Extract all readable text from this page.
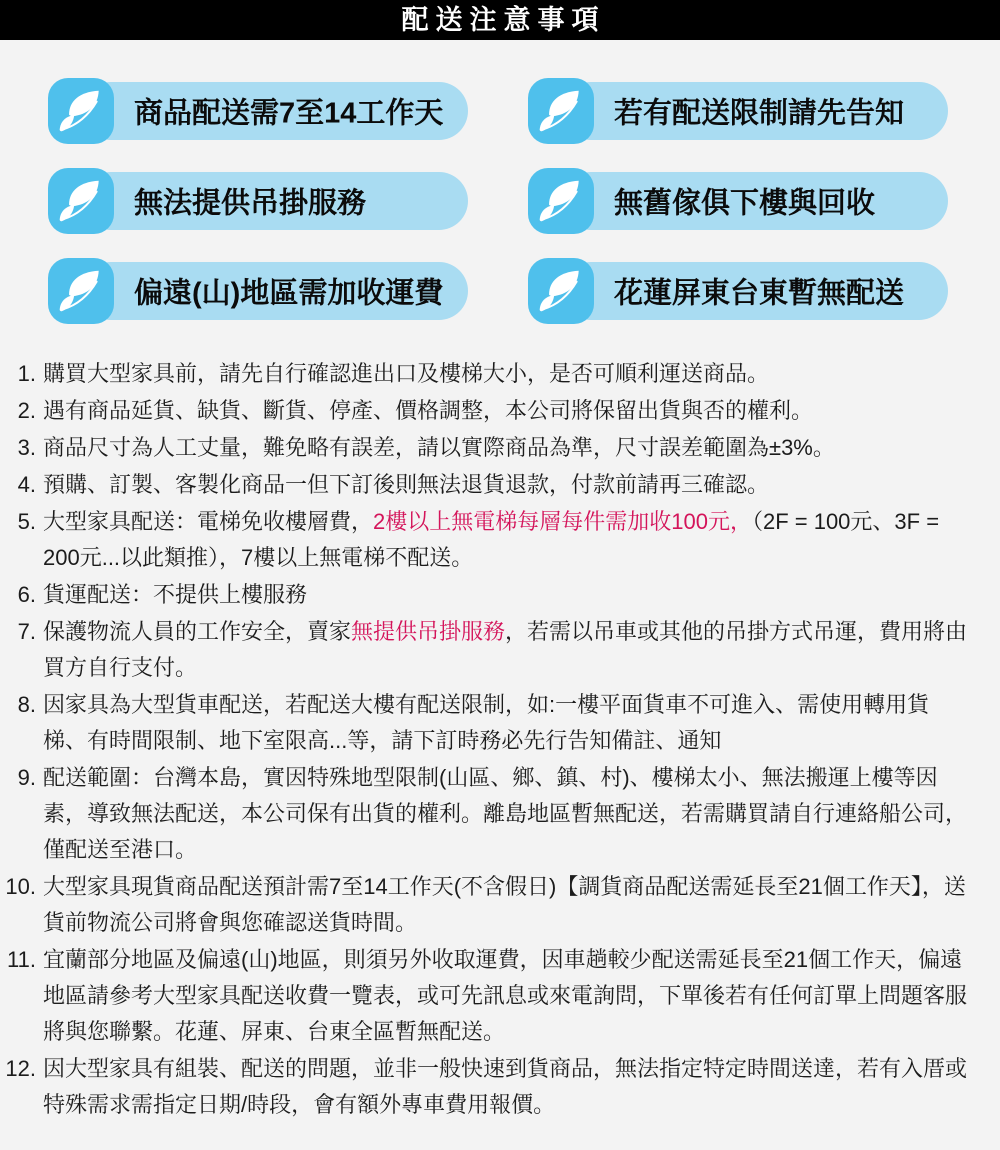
配送注意事項
商品配送需7至14工作天	若有配送限制請先告知
無法提供吊掛服務	無舊傢俱下樓與回收
偏遠(山)地區需加收運費	花蓮屏東台東暫無配送
1. 購買大型家具前，請先自行確認進出口及樓梯大小，是否可順利運送商品。
2. 遇有商品延貨、缺貨、斷貨、停產、價格調整，本公司將保留出貨與否的權利。
3. 商品尺寸為人工丈量，難免略有誤差，請以實際商品為準，尺寸誤差範圍為±3%。
4. 預購、訂製、客製化商品一但下訂後則無法退貨退款，付款前請再三確認。
5. 大型家具配送：電梯免收樓層費，2樓以上無電梯每層每件需加收100元，（2F = 100元、3F = 200元...以此類推），7樓以上無電梯不配送。
6. 貨運配送：不提供上樓服務
7. 保護物流人員的工作安全，賣家無提供吊掛服務，若需以吊車或其他的吊掛方式吊運，費用將由買方自行支付。
8. 因家具為大型貨車配送，若配送大樓有配送限制，如:一樓平面貨車不可進入、需使用轉用貨梯、有時間限制、地下室限高...等，請下訂時務必先行告知備註、通知
9. 配送範圍：台灣本島，實因特殊地型限制(山區、鄉、鎮、村)、樓梯太小、無法搬運上樓等因素，導致無法配送，本公司保有出貨的權利。離島地區暫無配送，若需購買請自行連絡船公司，僅配送至港口。
10. 大型家具現貨商品配送預計需7至14工作天(不含假日)【調貨商品配送需延長至21個工作天】，送貨前物流公司將會與您確認送貨時間。
11. 宜蘭部分地區及偏遠(山)地區，則須另外收取運費，因車趟較少配送需延長至21個工作天，偏遠地區請參考大型家具配送收費一覽表，或可先訊息或來電詢問，下單後若有任何訂單上問題客服將與您聯繫。花蓮、屏東、台東全區暫無配送。
12. 因大型家具有組裝、配送的問題，並非一般快速到貨商品，無法指定特定時間送達，若有入厝或特殊需求需指定日期/時段，會有額外專車費用報價。
